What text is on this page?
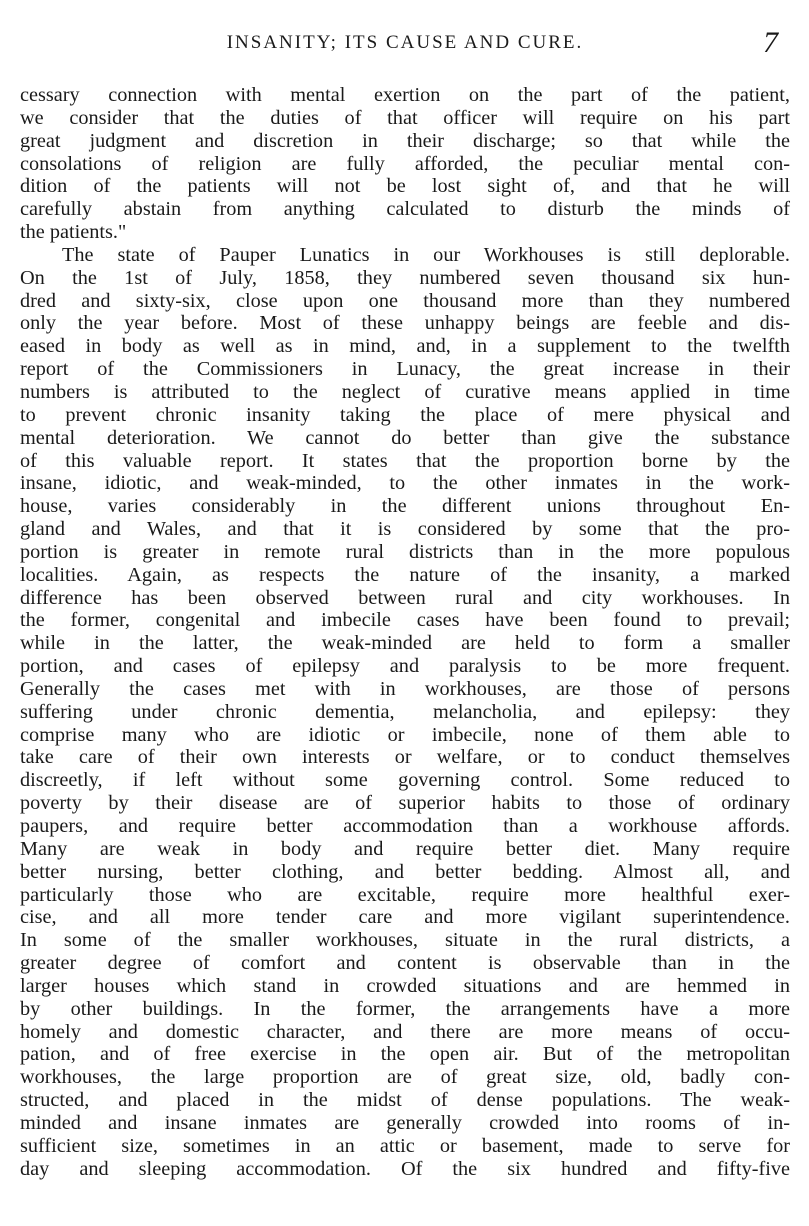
INSANITY; ITS CAUSE AND CURE.	7
cessary connection with mental exertion on the part of the patient,
we consider that the duties of that officer will require on his part
great judgment and discretion in their discharge; so that while the
consolations of religion are fully afforded, the peculiar mental con-
dition of the patients will not be lost sight of, and that he will
carefully abstain from anything calculated to disturb the minds of
the patients."
The state of Pauper Lunatics in our Workhouses is still deplorable.
On the 1st of July, 1858, they numbered seven thousand six hun-
dred and sixty-six, close upon one thousand more than they numbered
only the year before. Most of these unhappy beings are feeble and dis-
eased in body as well as in mind, and, in a supplement to the twelfth
report of the Commissioners in Lunacy, the great increase in their
numbers is attributed to the neglect of curative means applied in time
to prevent chronic insanity taking the place of mere physical and
mental deterioration. We cannot do better than give the substance
of this valuable report. It states that the proportion borne by the
insane, idiotic, and weak-minded, to the other inmates in the work-
house, varies considerably in the different unions throughout En-
gland and Wales, and that it is considered by some that the pro-
portion is greater in remote rural districts than in the more populous
localities. Again, as respects the nature of the insanity, a marked
difference has been observed between rural and city workhouses. In
the former, congenital and imbecile cases have been found to prevail;
while in the latter, the weak-minded are held to form a smaller
portion, and cases of epilepsy and paralysis to be more frequent.
Generally the cases met with in workhouses, are those of persons
suffering under chronic dementia, melancholia, and epilepsy: they
comprise many who are idiotic or imbecile, none of them able to
take care of their own interests or welfare, or to conduct themselves
discreetly, if left without some governing control. Some reduced to
poverty by their disease are of superior habits to those of ordinary
paupers, and require better accommodation than a workhouse affords.
Many are weak in body and require better diet. Many require
better nursing, better clothing, and better bedding. Almost all, and
particularly those who are excitable, require more healthful exer-
cise, and all more tender care and more vigilant superintendence.
In some of the smaller workhouses, situate in the rural districts, a
greater degree of comfort and content is observable than in the
larger houses which stand in crowded situations and are hemmed in
by other buildings. In the former, the arrangements have a more
homely and domestic character, and there are more means of occu-
pation, and of free exercise in the open air. But of the metropolitan
workhouses, the large proportion are of great size, old, badly con-
structed, and placed in the midst of dense populations. The weak-
minded and insane inmates are generally crowded into rooms of in-
sufficient size, sometimes in an attic or basement, made to serve for
day and sleeping accommodation. Of the six hundred and fifty-five
